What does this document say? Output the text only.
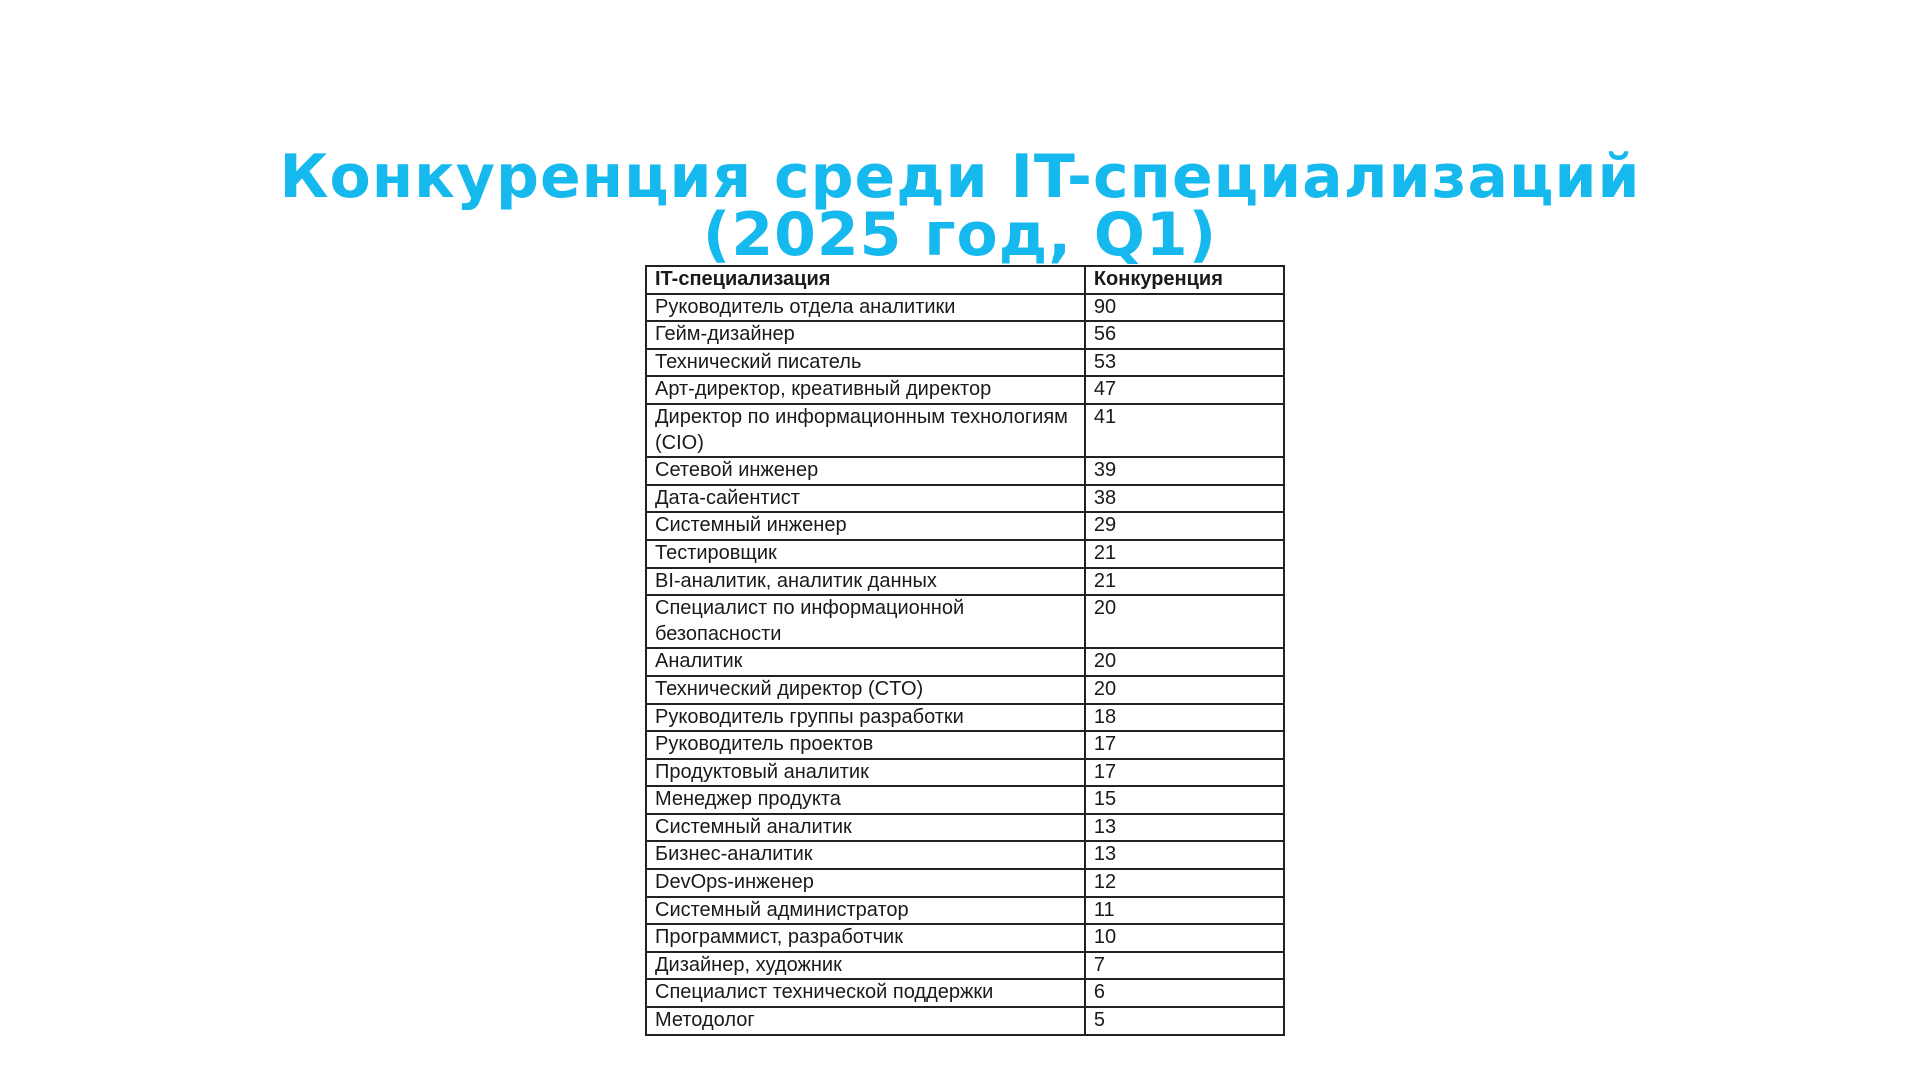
Конкуренция среди IT-специализаций
(2025 год, Q1)
IT-специализация	Конкуренция
Руководитель отдела аналитики	90
Гейм-дизайнер	56
Технический писатель	53
Арт-директор, креативный директор	47
Директор по информационным технологиям (CIO)	41
Сетевой инженер	39
Дата-сайентист	38
Системный инженер	29
Тестировщик	21
BI-аналитик, аналитик данных	21
Специалист по информационной безопасности	20
Аналитик	20
Технический директор (CTO)	20
Руководитель группы разработки	18
Руководитель проектов	17
Продуктовый аналитик	17
Менеджер продукта	15
Системный аналитик	13
Бизнес-аналитик	13
DevOps-инженер	12
Системный администратор	11
Программист, разработчик	10
Дизайнер, художник	7
Специалист технической поддержки	6
Методолог	5
